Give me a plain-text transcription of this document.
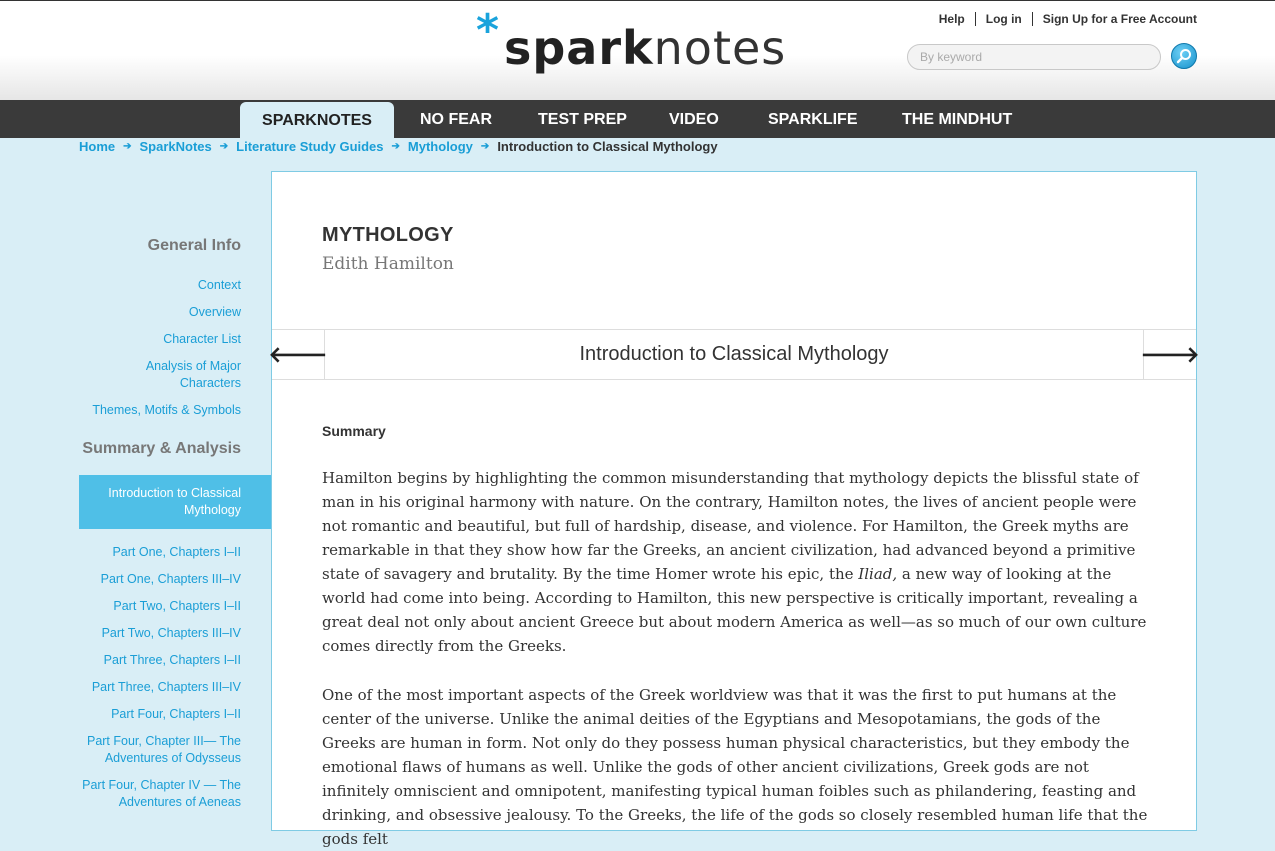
* sparknotes
Help	Log in	Sign Up for a Free Account
By keyword
SPARKNOTES	NO FEAR	TEST PREP	VIDEO	SPARKLIFE	THE MINDHUT
Home ➔ SparkNotes ➔ Literature Study Guides ➔ Mythology ➔ Introduction to Classical Mythology
General Info
Context
Overview
Character List
Analysis of Major
Characters
Themes, Motifs & Symbols
Summary & Analysis
Introduction to Classical
Mythology
Part One, Chapters I–II
Part One, Chapters III–IV
Part Two, Chapters I–II
Part Two, Chapters III–IV
Part Three, Chapters I–II
Part Three, Chapters III–IV
Part Four, Chapters I–II
Part Four, Chapter III— The
Adventures of Odysseus
Part Four, Chapter IV — The
Adventures of Aeneas
MYTHOLOGY
Edith Hamilton
🡐	Introduction to Classical Mythology	🡒
Summary

Hamilton begins by highlighting the common misunderstanding that mythology depicts the blissful state of man in his original harmony with nature. On the contrary, Hamilton notes, the lives of ancient people were not romantic and beautiful, but full of hardship, disease, and violence. For Hamilton, the Greek myths are remarkable in that they show how far the Greeks, an ancient civilization, had advanced beyond a primitive state of savagery and brutality. By the time Homer wrote his epic, the Iliad, a new way of looking at the world had come into being. According to Hamilton, this new perspective is critically important, revealing a great deal not only about ancient Greece but about modern America as well—as so much of our own culture comes directly from the Greeks.

One of the most important aspects of the Greek worldview was that it was the first to put humans at the center of the universe. Unlike the animal deities of the Egyptians and Mesopotamians, the gods of the Greeks are human in form. Not only do they possess human physical characteristics, but they embody the emotional flaws of humans as well. Unlike the gods of other ancient civilizations, Greek gods are not infinitely omniscient and omnipotent, manifesting typical human foibles such as philandering, feasting and drinking, and obsessive jealousy. To the Greeks, the life of the gods so closely resembled human life that the gods felt
